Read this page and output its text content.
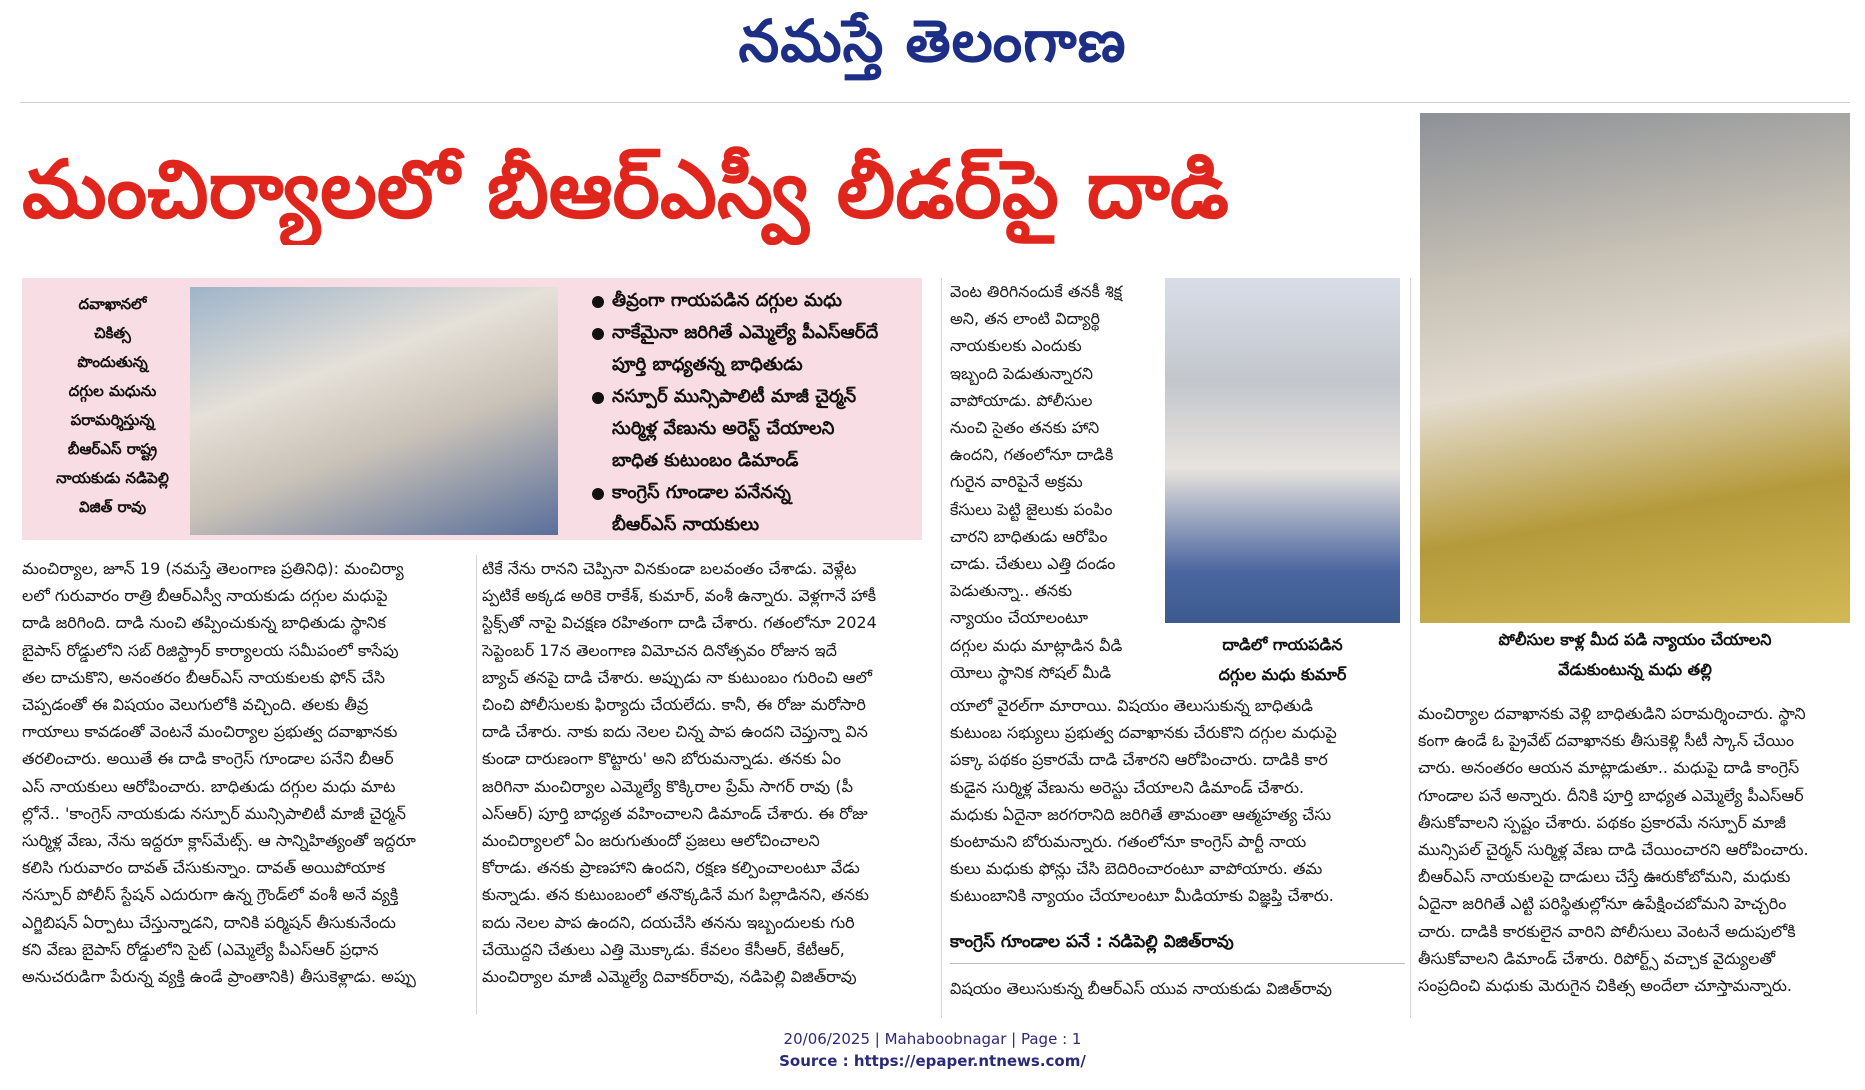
నమస్తే తెలంగాణ
మంచిర్యాలలో బీఆర్ఎస్వీ లీడర్‌పై దాడి
దవాఖానలో
చికిత్స
పొందుతున్న
దగ్గుల మధును
పరామర్శిస్తున్న
బీఆర్ఎస్ రాష్ట్ర
నాయకుడు నడిపెల్లి
విజిత్ రావు
తీవ్రంగా గాయపడిన దగ్గుల మధు
నాకేమైనా జరిగితే ఎమ్మెల్యే పీఎస్ఆర్‌దే
పూర్తి బాధ్యతన్న బాధితుడు
నస్పూర్ మున్సిపాలిటీ మాజీ చైర్మన్
సుర్మిళ్ల వేణును అరెస్ట్ చేయాలని
బాధిత కుటుంబం డిమాండ్
కాంగ్రెస్ గూండాల పనేనన్న
బీఆర్ఎస్ నాయకులు
దాడిలో గాయపడిన
దగ్గుల మధు కుమార్
పోలీసుల కాళ్ల మీద పడి న్యాయం చేయాలని
వేడుకుంటున్న మధు తల్లి
మంచిర్యాల, జూన్ 19 (నమస్తే తెలంగాణ ప్రతినిధి): మంచిర్యా
లలో గురువారం రాత్రి బీఆర్ఎస్వీ నాయకుడు దగ్గుల మధుపై
దాడి జరిగింది. దాడి నుంచి తప్పించుకున్న బాధితుడు స్థానిక
బైపాస్ రోడ్డులోని సబ్ రిజిస్ట్రార్ కార్యాలయ సమీపంలో కాసేపు
తల దాచుకొని, అనంతరం బీఆర్ఎస్ నాయకులకు ఫోన్ చేసి
చెప్పడంతో ఈ విషయం వెలుగులోకి వచ్చింది. తలకు తీవ్ర
గాయాలు కావడంతో వెంటనే మంచిర్యాల ప్రభుత్వ దవాఖానకు
తరలించారు. అయితే ఈ దాడి కాంగ్రెస్ గూండాల పనేని బీఆర్
ఎస్ నాయకులు ఆరోపించారు. బాధితుడు దగ్గుల మధు మాట
ల్లోనే.. 'కాంగ్రెస్ నాయకుడు నస్పూర్ మున్సిపాలిటీ మాజీ చైర్మన్
సుర్మిళ్ల వేణు, నేను ఇద్దరూ క్లాస్‌మేట్స్. ఆ సాన్నిహిత్యంతో ఇద్దరూ
కలిసి గురువారం దావత్ చేసుకున్నాం. దావత్ అయిపోయాక
నస్పూర్ పోలీస్ స్టేషన్ ఎదురుగా ఉన్న గ్రౌండ్‌లో వంశీ అనే వ్యక్తి
ఎగ్జిబిషన్ ఏర్పాటు చేస్తున్నాడని, దానికి పర్మిషన్ తీసుకునేందు
కని వేణు బైపాస్ రోడ్డులోని సైట్ (ఎమ్మెల్యే పీఎస్ఆర్ ప్రధాన
అనుచరుడిగా పేరున్న వ్యక్తి ఉండే ప్రాంతానికి) తీసుకెళ్లాడు. అప్పు
టికే నేను రానని చెప్పినా వినకుండా బలవంతం చేశాడు. వెళ్లేట
ప్పటికే అక్కడ అరికె రాకేశ్, కుమార్, వంశీ ఉన్నారు. వెళ్లగానే హాకీ
స్టిక్స్‌తో నాపై విచక్షణ రహితంగా దాడి చేశారు. గతంలోనూ 2024
సెప్టెంబర్ 17న తెలంగాణ విమోచన దినోత్సవం రోజున ఇదే
బ్యాచ్ తనపై దాడి చేశారు. అప్పుడు నా కుటుంబం గురించి ఆలో
చించి పోలీసులకు ఫిర్యాదు చేయలేదు. కానీ, ఈ రోజు మరోసారి
దాడి చేశారు. నాకు ఐదు నెలల చిన్న పాప ఉందని చెప్తున్నా విన
కుండా దారుణంగా కొట్టారు' అని బోరుమన్నాడు. తనకు ఏం
జరిగినా మంచిర్యాల ఎమ్మెల్యే కొక్కిరాల ప్రేమ్ సాగర్ రావు (పీ
ఎస్ఆర్) పూర్తి బాధ్యత వహించాలని డిమాండ్ చేశారు. ఈ రోజు
మంచిర్యాలలో ఏం జరుగుతుందో ప్రజలు ఆలోచించాలని
కోరాడు. తనకు ప్రాణహాని ఉందని, రక్షణ కల్పించాలంటూ వేడు
కున్నాడు. తన కుటుంబంలో తనొక్కడినే మగ పిల్లాడినని, తనకు
ఐదు నెలల పాప ఉందని, దయచేసి తనను ఇబ్బందులకు గురి
చేయొద్దని చేతులు ఎత్తి మొక్కాడు. కేవలం కేసీఆర్, కేటీఆర్,
మంచిర్యాల మాజీ ఎమ్మెల్యే దివాకర్‌రావు, నడిపెల్లి విజిత్‌రావు
వెంట తిరిగినందుకే తనకీ శిక్ష
అని, తన లాంటి విద్యార్థి
నాయకులకు ఎందుకు
ఇబ్బంది పెడుతున్నారని
వాపోయాడు. పోలీసుల
నుంచి సైతం తనకు హాని
ఉందని, గతంలోనూ దాడికి
గురైన వారిపైనే అక్రమ
కేసులు పెట్టి జైలుకు పంపిం
చారని బాధితుడు ఆరోపిం
చాడు. చేతులు ఎత్తి దండం
పెడుతున్నా.. తనకు
న్యాయం చేయాలంటూ
దగ్గుల మధు మాట్లాడిన వీడి
యోలు స్థానిక సోషల్ మీడి
యాలో వైరల్‌గా మారాయి. విషయం తెలుసుకున్న బాధితుడి
కుటుంబ సభ్యులు ప్రభుత్వ దవాఖానకు చేరుకొని దగ్గుల మధుపై
పక్కా పథకం ప్రకారమే దాడి చేశారని ఆరోపించారు. దాడికి కార
కుడైన సుర్మిళ్ల వేణును అరెస్టు చేయాలని డిమాండ్ చేశారు.
మధుకు ఏదైనా జరగరానిది జరిగితే తామంతా ఆత్మహత్య చేసు
కుంటామని బోరుమన్నారు. గతంలోనూ కాంగ్రెస్ పార్టీ నాయ
కులు మధుకు ఫోన్లు చేసి బెదిరించారంటూ వాపోయారు. తమ
కుటుంబానికి న్యాయం చేయాలంటూ మీడియాకు విజ్ఞప్తి చేశారు.
కాంగ్రెస్ గూండాల పనే : నడిపెల్లి విజిత్‌రావు
విషయం తెలుసుకున్న బీఆర్ఎస్ యువ నాయకుడు విజిత్‌రావు
మంచిర్యాల దవాఖానకు వెళ్లి బాధితుడిని పరామర్శించారు. స్థాని
కంగా ఉండే ఓ ప్రైవేట్ దవాఖానకు తీసుకెళ్లి సీటీ స్కాన్ చేయిం
చారు. అనంతరం ఆయన మాట్లాడుతూ.. మధుపై దాడి కాంగ్రెస్
గూండాల పనే అన్నారు. దీనికి పూర్తి బాధ్యత ఎమ్మెల్యే పీఎస్ఆర్
తీసుకోవాలని స్పష్టం చేశారు. పథకం ప్రకారమే నస్పూర్ మాజీ
మున్సిపల్ చైర్మన్ సుర్మిళ్ల వేణు దాడి చేయించారని ఆరోపించారు.
బీఆర్ఎస్ నాయకులపై దాడులు చేస్తే ఊరుకోబోమని, మధుకు
ఏదైనా జరిగితే ఎట్టి పరిస్థితుల్లోనూ ఉపేక్షించబోమని హెచ్చరిం
చారు. దాడికి కారకులైన వారిని పోలీసులు వెంటనే అదుపులోకి
తీసుకోవాలని డిమాండ్ చేశారు. రిపోర్ట్స్ వచ్చాక వైద్యులతో
సంప్రదించి మధుకు మెరుగైన చికిత్స అందేలా చూస్తామన్నారు.
20/06/2025 | Mahaboobnagar | Page : 1
Source : https://epaper.ntnews.com/
